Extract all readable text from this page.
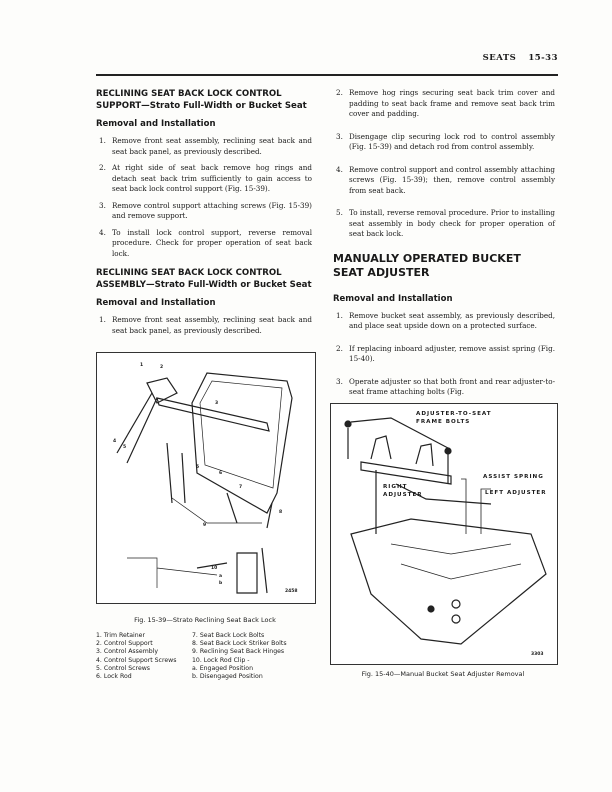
SEATS 15-33
RECLINING SEAT BACK LOCK CONTROL
SUPPORT—Strato Full-Width or Bucket Seat
Removal and Installation
1. Remove front seat assembly, reclining seat back and seat back panel, as previously described.
2. At right side of seat back remove hog rings and detach seat back trim sufficiently to gain access to seat back lock control support (Fig. 15-39).
3. Remove control support attaching screws (Fig. 15-39) and remove support.
4. To install lock control support, reverse removal procedure. Check for proper operation of seat back lock.
RECLINING SEAT BACK LOCK CONTROL
ASSEMBLY—Strato Full-Width or Bucket Seat
Removal and Installation
1. Remove front seat assembly, reclining seat back and seat back panel, as previously described.
2. Remove hog rings securing seat back trim cover and padding to seat back frame and remove seat back trim cover and padding.
3. Disengage clip securing lock rod to control assembly (Fig. 15-39) and detach rod from control assembly.
4. Remove control support and control assembly attaching screws (Fig. 15-39); then, remove control assembly from seat back.
5. To install, reverse removal procedure. Prior to installing seat assembly in body check for proper operation of seat back lock.
MANUALLY OPERATED BUCKET
SEAT ADJUSTER
Removal and Installation
1. Remove bucket seat assembly, as previously described, and place seat upside down on a protected surface.
2. If replacing inboard adjuster, remove assist spring (Fig. 15-40).
3. Operate adjuster so that both front and rear adjuster-to-seat frame attaching bolts (Fig.
1	2
3
4
5
5
6
7
8
9
10
a
b
2458
Fig. 15-39—Strato Reclining Seat Back Lock
1. Trim Retainer	7. Seat Back Lock Bolts
2. Control Support	8. Seat Back Lock Striker Bolts
3. Control Assembly	9. Reclining Seat Back Hinges
4. Control Support Screws	10. Lock Rod Clip -
5. Control Screws	a. Engaged Position
6. Lock Rod	b. Disengaged Position
ADJUSTER-TO-SEAT
FRAME BOLTS
ASSIST SPRING
RIGHT
ADJUSTER	LEFT ADJUSTER
3303
Fig. 15-40—Manual Bucket Seat Adjuster Removal
